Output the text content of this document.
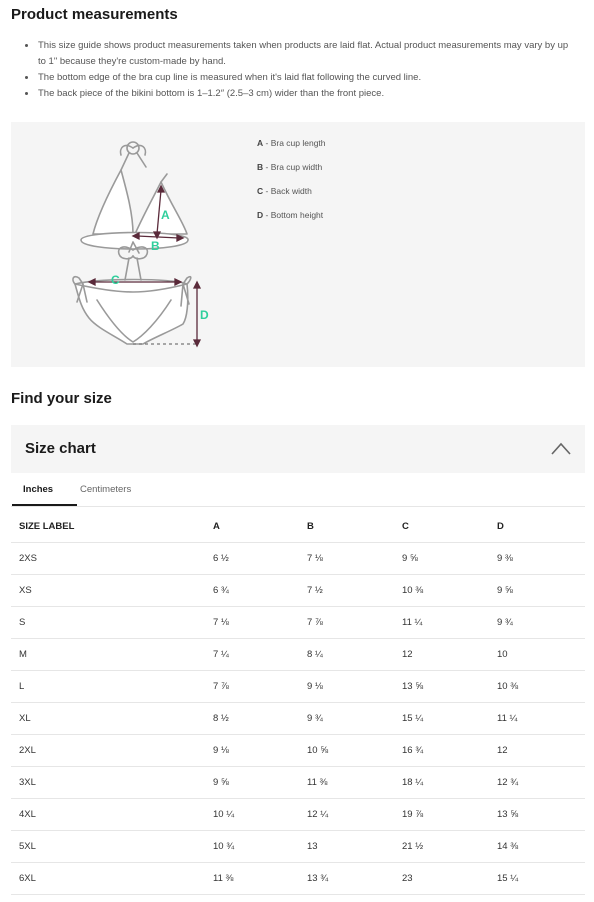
Product measurements
This size guide shows product measurements taken when products are laid flat. Actual product measurements may vary by up to 1" because they're custom-made by hand.
The bottom edge of the bra cup line is measured when it's laid flat following the curved line.
The back piece of the bikini bottom is 1–1.2″ (2.5–3 cm) wider than the front piece.
A
B
C
D
A - Bra cup length
B - Bra cup width
C - Back width
D - Bottom height
Find your size
Size chart
Inches	Centimeters
SIZE LABEL	A	B	C	D
2XS	6 ½	7 ⅛	9 ⅝	9 ⅜
XS	6 ¾	7 ½	10 ⅜	9 ⅝
S	7 ⅛	7 ⅞	11 ¼	9 ¾
M	7 ¼	8 ¼	12	10
L	7 ⅞	9 ⅛	13 ⅝	10 ⅜
XL	8 ½	9 ¾	15 ¼	11 ¼
2XL	9 ⅛	10 ⅝	16 ¾	12
3XL	9 ⅝	11 ⅜	18 ¼	12 ¾
4XL	10 ¼	12 ¼	19 ⅞	13 ⅝
5XL	10 ¾	13	21 ½	14 ⅜
6XL	11 ⅜	13 ¾	23	15 ¼
